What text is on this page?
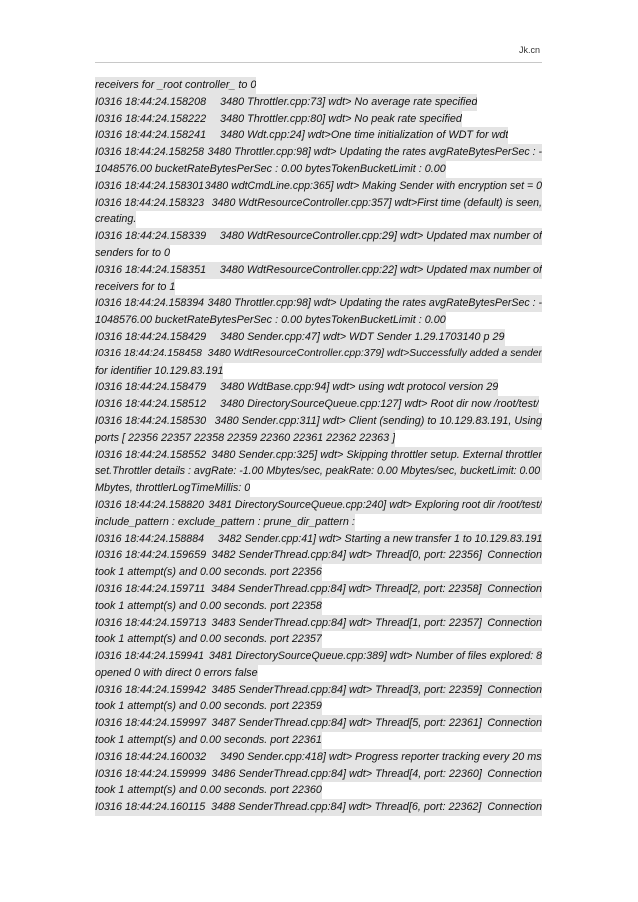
Jk.cn
receivers for _root controller_ to 0
I0316 18:44:24.158208 3480 Throttler.cpp:73] wdt> No average rate specified
I0316 18:44:24.158222 3480 Throttler.cpp:80] wdt> No peak rate specified
I0316 18:44:24.158241 3480 Wdt.cpp:24] wdt>One time initialization of WDT for wdt
I0316 18:44:24.158258 3480 Throttler.cpp:98] wdt> Updating the rates avgRateBytesPerSec : -
1048576.00 bucketRateBytesPerSec : 0.00 bytesTokenBucketLimit : 0.00
I0316 18:44:24.158301 3480 wdtCmdLine.cpp:365] wdt> Making Sender with encryption set = 0
I0316 18:44:24.158323 3480 WdtResourceController.cpp:357] wdt>First time (default) is seen,
creating.
I0316 18:44:24.158339 3480 WdtResourceController.cpp:29] wdt> Updated max number of
senders for to 0
I0316 18:44:24.158351 3480 WdtResourceController.cpp:22] wdt> Updated max number of
receivers for to 1
I0316 18:44:24.158394 3480 Throttler.cpp:98] wdt> Updating the rates avgRateBytesPerSec : -
1048576.00 bucketRateBytesPerSec : 0.00 bytesTokenBucketLimit : 0.00
I0316 18:44:24.158429 3480 Sender.cpp:47] wdt> WDT Sender 1.29.1703140 p 29
I0316 18:44:24.158458 3480 WdtResourceController.cpp:379] wdt>Successfully added a sender
for identifier 10.129.83.191
I0316 18:44:24.158479 3480 WdtBase.cpp:94] wdt> using wdt protocol version 29
I0316 18:44:24.158512 3480 DirectorySourceQueue.cpp:127] wdt> Root dir now /root/test/
I0316 18:44:24.158530 3480 Sender.cpp:311] wdt> Client (sending) to 10.129.83.191, Using
ports [ 22356 22357 22358 22359 22360 22361 22362 22363 ]
I0316 18:44:24.158552 3480 Sender.cpp:325] wdt> Skipping throttler setup. External throttler
set.Throttler details : avgRate: -1.00 Mbytes/sec, peakRate: 0.00 Mbytes/sec, bucketLimit: 0.00
Mbytes, throttlerLogTimeMillis: 0
I0316 18:44:24.158820 3481 DirectorySourceQueue.cpp:240] wdt> Exploring root dir /root/test/
include_pattern : exclude_pattern : prune_dir_pattern :
I0316 18:44:24.158884 3482 Sender.cpp:41] wdt> Starting a new transfer 1 to 10.129.83.191
I0316 18:44:24.159659 3482 SenderThread.cpp:84] wdt> Thread[0, port: 22356] Connection
took 1 attempt(s) and 0.00 seconds. port 22356
I0316 18:44:24.159711 3484 SenderThread.cpp:84] wdt> Thread[2, port: 22358] Connection
took 1 attempt(s) and 0.00 seconds. port 22358
I0316 18:44:24.159713 3483 SenderThread.cpp:84] wdt> Thread[1, port: 22357] Connection
took 1 attempt(s) and 0.00 seconds. port 22357
I0316 18:44:24.159941 3481 DirectorySourceQueue.cpp:389] wdt> Number of files explored: 8
opened 0 with direct 0 errors false
I0316 18:44:24.159942 3485 SenderThread.cpp:84] wdt> Thread[3, port: 22359] Connection
took 1 attempt(s) and 0.00 seconds. port 22359
I0316 18:44:24.159997 3487 SenderThread.cpp:84] wdt> Thread[5, port: 22361] Connection
took 1 attempt(s) and 0.00 seconds. port 22361
I0316 18:44:24.160032 3490 Sender.cpp:418] wdt> Progress reporter tracking every 20 ms
I0316 18:44:24.159999 3486 SenderThread.cpp:84] wdt> Thread[4, port: 22360] Connection
took 1 attempt(s) and 0.00 seconds. port 22360
I0316 18:44:24.160115 3488 SenderThread.cpp:84] wdt> Thread[6, port: 22362] Connection
